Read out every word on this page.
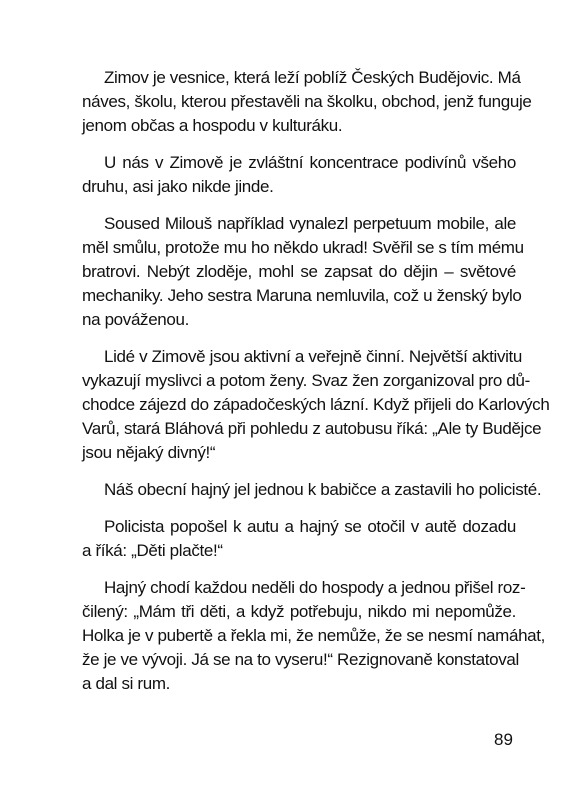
Zimov je vesnice, která leží poblíž Českých Budějovic. Má
náves, školu, kterou přestavěli na školku, obchod, jenž funguje
jenom občas a hospodu v kulturáku.

U nás v Zimově je zvláštní koncentrace podivínů všeho
druhu, asi jako nikde jinde.

Soused Milouš například vynalezl perpetuum mobile, ale
měl smůlu, protože mu ho někdo ukrad! Svěřil se s tím mému
bratrovi. Nebýt zloděje, mohl se zapsat do dějin – světové
mechaniky. Jeho sestra Maruna nemluvila, což u ženský bylo
na pováženou.

Lidé v Zimově jsou aktivní a veřejně činní. Největší aktivitu
vykazují myslivci a potom ženy. Svaz žen zorganizoval pro dů-
chodce zájezd do západočeských lázní. Když přijeli do Karlových
Varů, stará Bláhová při pohledu z autobusu říká: „Ale ty Budějce
jsou nějaký divný!“

Náš obecní hajný jel jednou k babičce a zastavili ho policisté.

Policista popošel k autu a hajný se otočil v autě dozadu
a říká: „Děti plačte!“

Hajný chodí každou neděli do hospody a jednou přišel roz-
čilený: „Mám tři děti, a když potřebuju, nikdo mi nepomůže.
Holka je v pubertě a řekla mi, že nemůže, že se nesmí namáhat,
že je ve vývoji. Já se na to vyseru!“ Rezignovaně konstatoval
a dal si rum.

89
